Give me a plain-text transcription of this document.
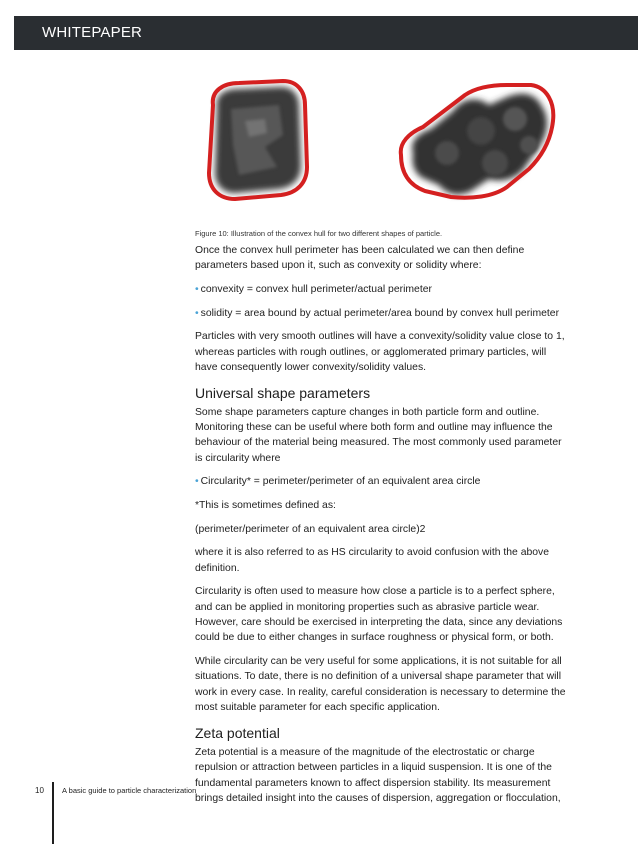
WHITEPAPER
Figure 10: Illustration of the convex hull for two different shapes of particle.

Once the convex hull perimeter has been calculated we can then define parameters based upon it, such as convexity or solidity where:

• convexity = convex hull perimeter/actual perimeter

• solidity = area bound by actual perimeter/area bound by convex hull perimeter

Particles with very smooth outlines will have a convexity/solidity value close to 1, whereas particles with rough outlines, or agglomerated primary particles, will have consequently lower convexity/solidity values.

Universal shape parameters

Some shape parameters capture changes in both particle form and outline. Monitoring these can be useful where both form and outline may influence the behaviour of the material being measured. The most commonly used parameter is circularity where

• Circularity* = perimeter/perimeter of an equivalent area circle

*This is sometimes defined as:

(perimeter/perimeter of an equivalent area circle)2

where it is also referred to as HS circularity to avoid confusion with the above definition.

Circularity is often used to measure how close a particle is to a perfect sphere, and can be applied in monitoring properties such as abrasive particle wear. However, care should be exercised in interpreting the data, since any deviations could be due to either changes in surface roughness or physical form, or both.

While circularity can be very useful for some applications, it is not suitable for all situations. To date, there is no definition of a universal shape parameter that will work in every case. In reality, careful consideration is necessary to determine the most suitable parameter for each specific application.

Zeta potential

Zeta potential is a measure of the magnitude of the electrostatic or charge repulsion or attraction between particles in a liquid suspension. It is one of the fundamental parameters known to affect dispersion stability. Its measurement brings detailed insight into the causes of dispersion, aggregation or flocculation,

10 A basic guide to particle characterization
